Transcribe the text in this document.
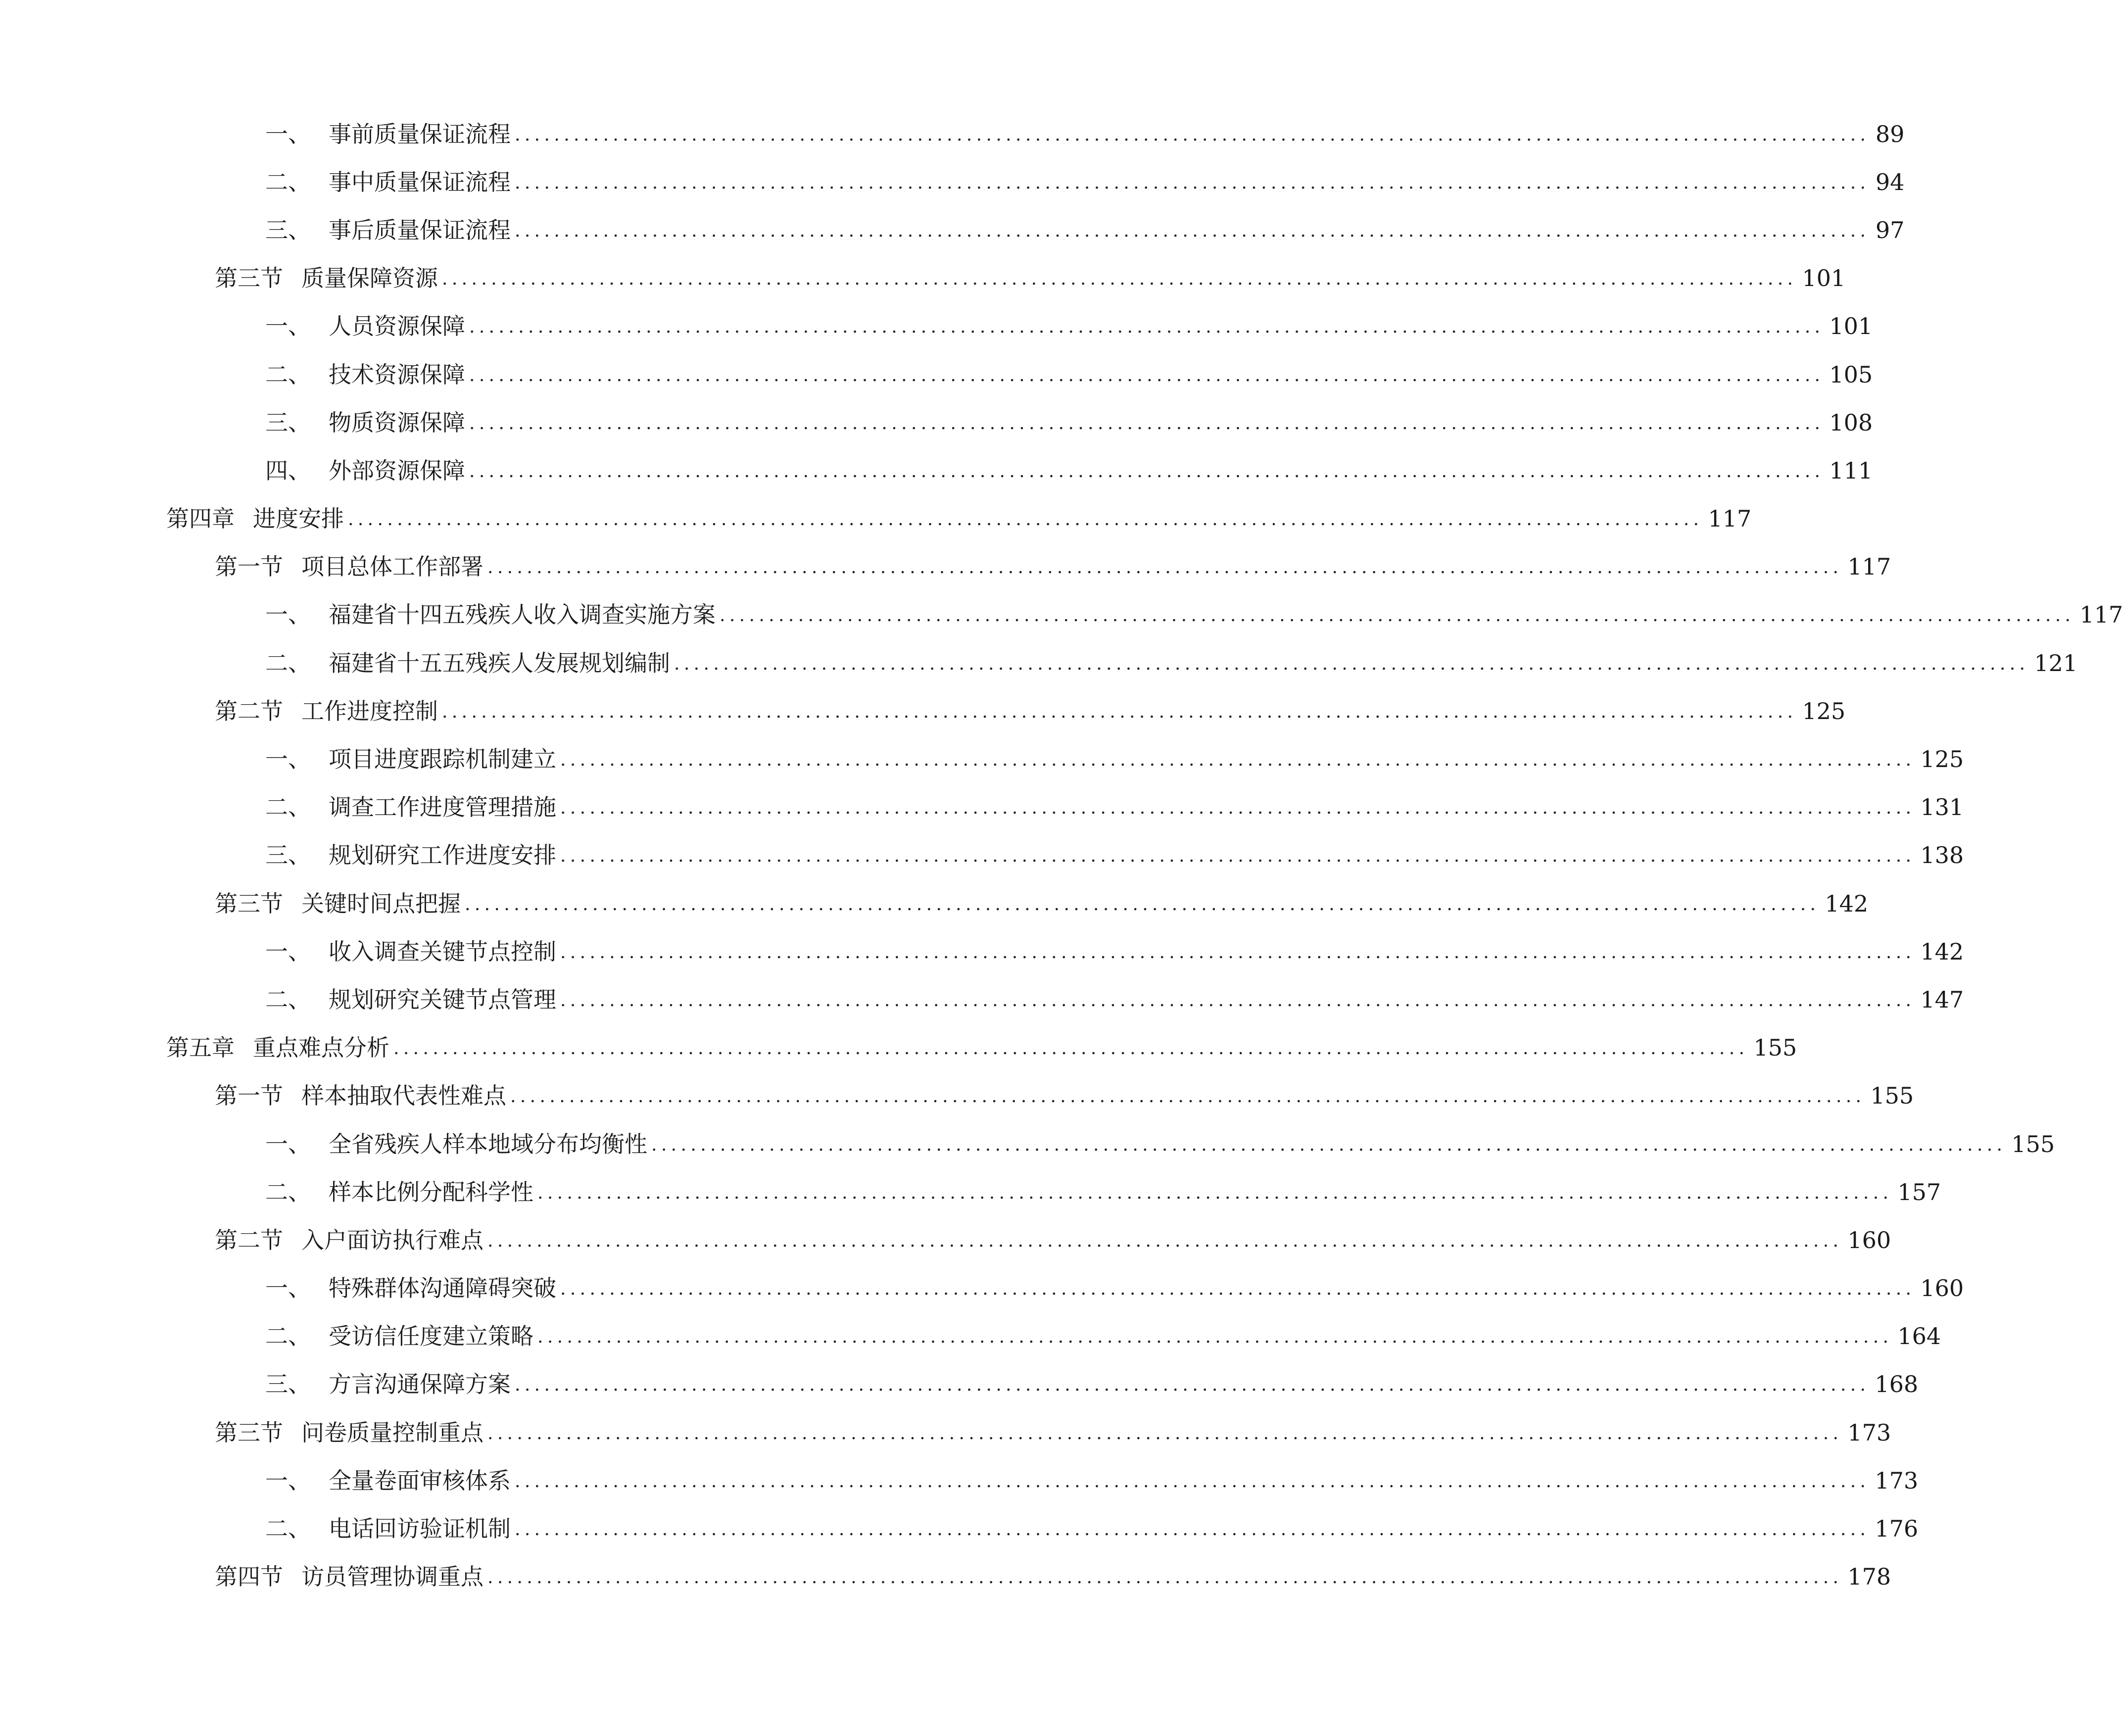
一、 事前质量保证流程 .......................................................................................................................................... 89
二、 事中质量保证流程 .......................................................................................................................................... 94
三、 事后质量保证流程 .......................................................................................................................................... 97
第三节 质量保障资源 .......................................................................................................................................... 101
一、 人员资源保障 .......................................................................................................................................... 101
二、 技术资源保障 .......................................................................................................................................... 105
三、 物质资源保障 .......................................................................................................................................... 108
四、 外部资源保障 .......................................................................................................................................... 111
第四章 进度安排 .......................................................................................................................................... 117
第一节 项目总体工作部署 .......................................................................................................................................... 117
一、 福建省十四五残疾人收入调查实施方案 .......................................................................................................................................... 117
二、 福建省十五五残疾人发展规划编制 .......................................................................................................................................... 121
第二节 工作进度控制 .......................................................................................................................................... 125
一、 项目进度跟踪机制建立 .......................................................................................................................................... 125
二、 调查工作进度管理措施 .......................................................................................................................................... 131
三、 规划研究工作进度安排 .......................................................................................................................................... 138
第三节 关键时间点把握 .......................................................................................................................................... 142
一、 收入调查关键节点控制 .......................................................................................................................................... 142
二、 规划研究关键节点管理 .......................................................................................................................................... 147
第五章 重点难点分析 .......................................................................................................................................... 155
第一节 样本抽取代表性难点 .......................................................................................................................................... 155
一、 全省残疾人样本地域分布均衡性 .......................................................................................................................................... 155
二、 样本比例分配科学性 .......................................................................................................................................... 157
第二节 入户面访执行难点 .......................................................................................................................................... 160
一、 特殊群体沟通障碍突破 .......................................................................................................................................... 160
二、 受访信任度建立策略 .......................................................................................................................................... 164
三、 方言沟通保障方案 .......................................................................................................................................... 168
第三节 问卷质量控制重点 .......................................................................................................................................... 173
一、 全量卷面审核体系 .......................................................................................................................................... 173
二、 电话回访验证机制 .......................................................................................................................................... 176
第四节 访员管理协调重点 .......................................................................................................................................... 178
